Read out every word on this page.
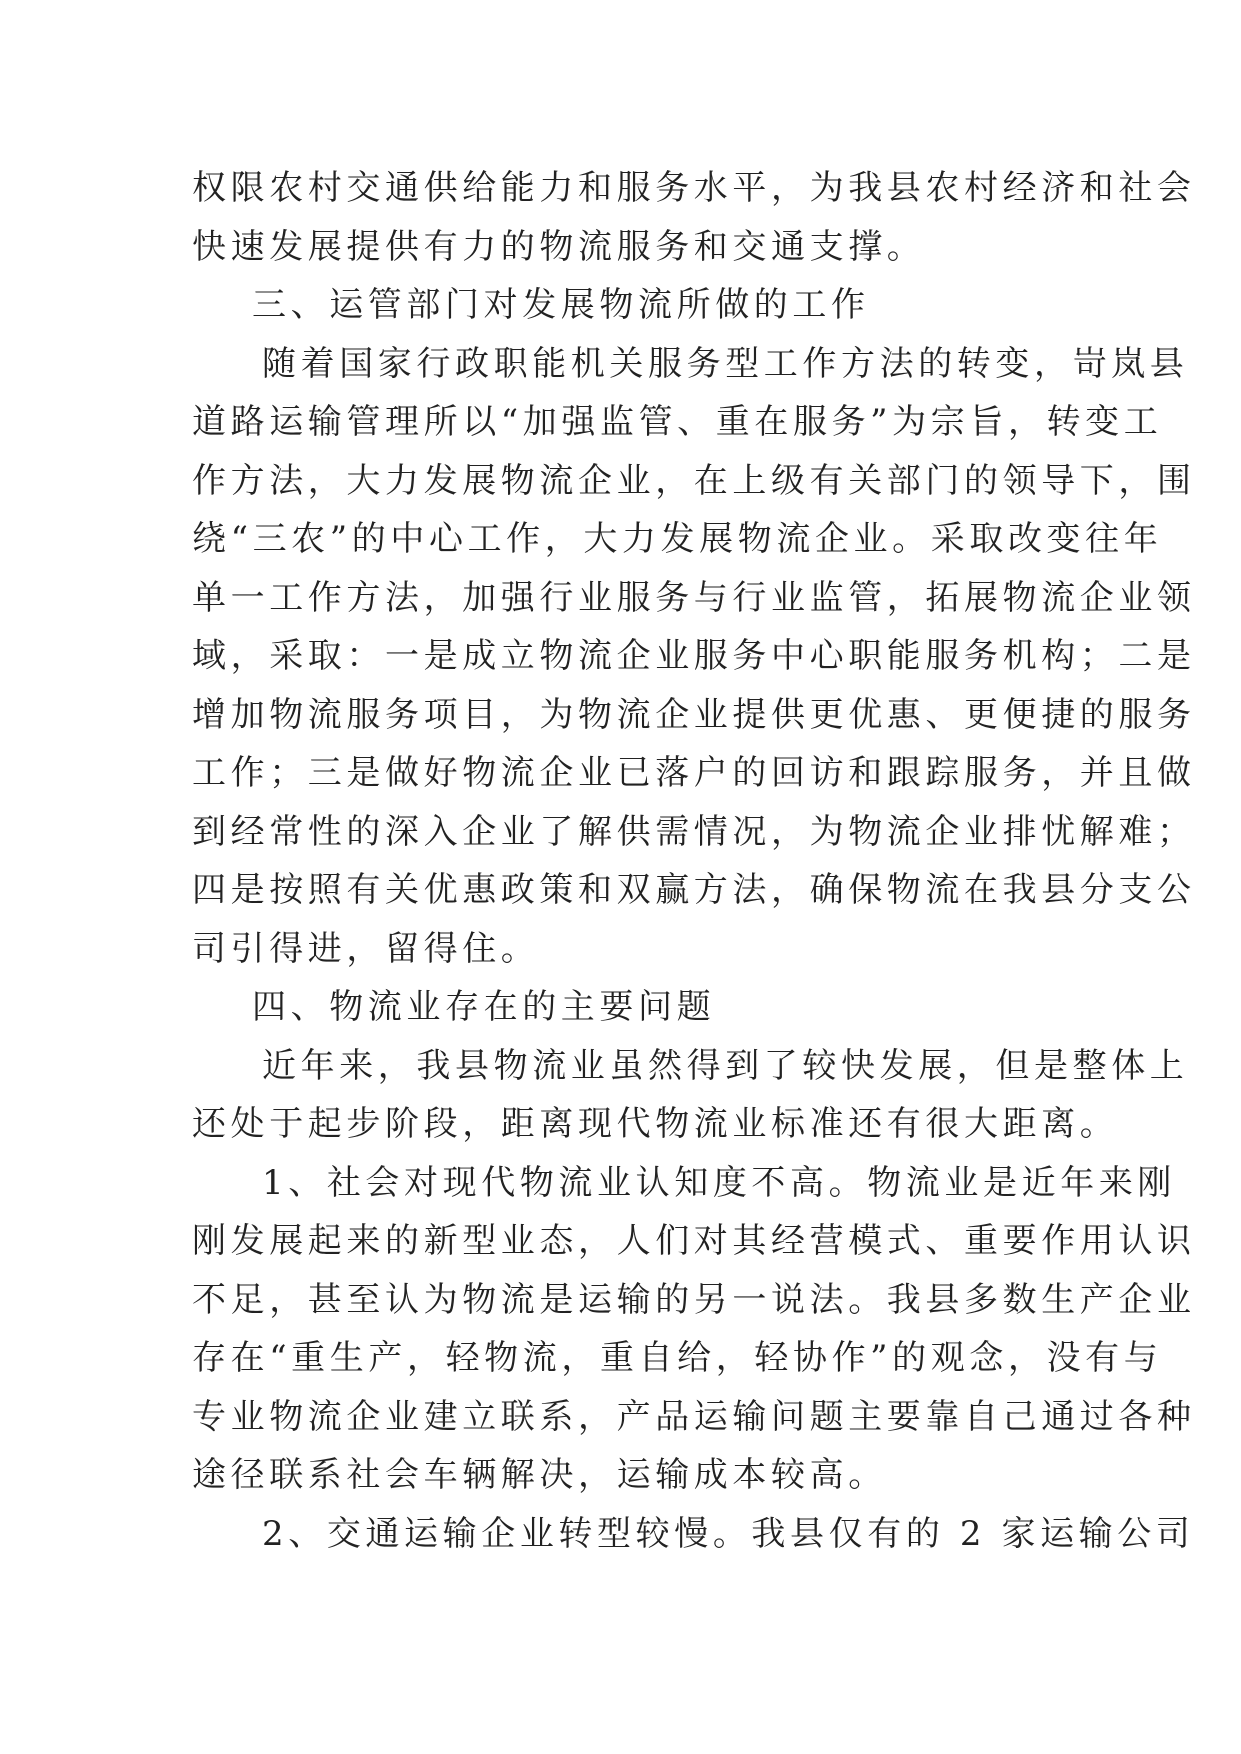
权限农村交通供给能力和服务水平，为我县农村经济和社会
快速发展提供有力的物流服务和交通支撑。
三、运管部门对发展物流所做的工作
随着国家行政职能机关服务型工作方法的转变，岢岚县
道路运输管理所以“加强监管、重在服务”为宗旨，转变工
作方法，大力发展物流企业，在上级有关部门的领导下，围
绕“三农”的中心工作，大力发展物流企业。采取改变往年
单一工作方法，加强行业服务与行业监管，拓展物流企业领
域，采取：一是成立物流企业服务中心职能服务机构；二是
增加物流服务项目，为物流企业提供更优惠、更便捷的服务
工作；三是做好物流企业已落户的回访和跟踪服务，并且做
到经常性的深入企业了解供需情况，为物流企业排忧解难；
四是按照有关优惠政策和双赢方法，确保物流在我县分支公
司引得进，留得住。
四、物流业存在的主要问题
近年来，我县物流业虽然得到了较快发展，但是整体上
还处于起步阶段，距离现代物流业标准还有很大距离。
1、社会对现代物流业认知度不高。物流业是近年来刚
刚发展起来的新型业态，人们对其经营模式、重要作用认识
不足，甚至认为物流是运输的另一说法。我县多数生产企业
存在“重生产，轻物流，重自给，轻协作”的观念，没有与
专业物流企业建立联系，产品运输问题主要靠自己通过各种
途径联系社会车辆解决，运输成本较高。
2、交通运输企业转型较慢。我县仅有的 2 家运输公司
